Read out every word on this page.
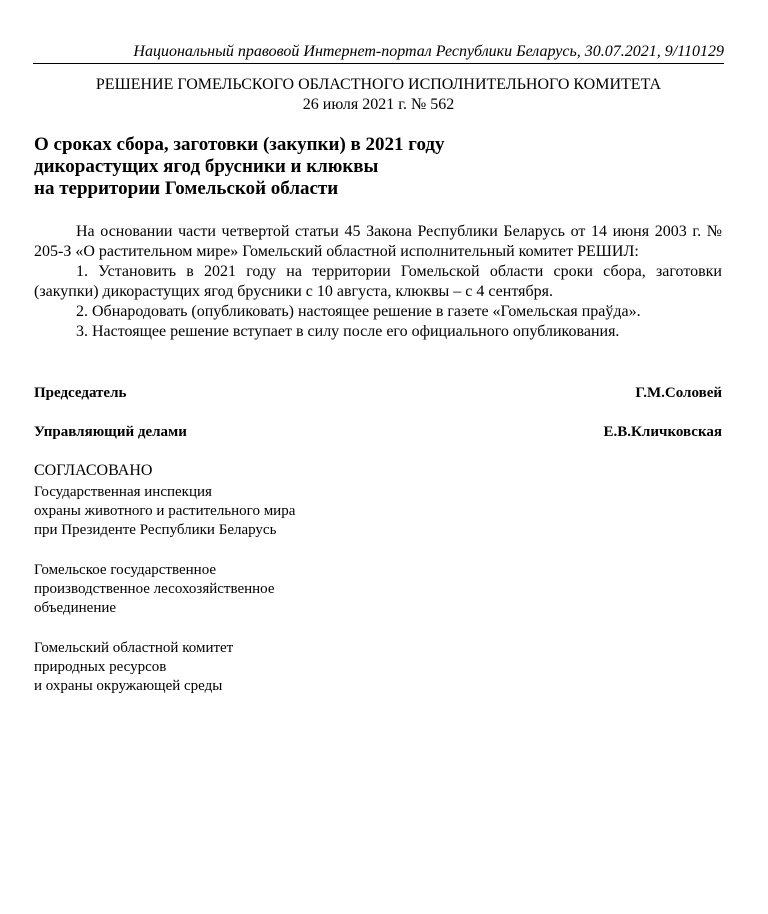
Национальный правовой Интернет-портал Республики Беларусь, 30.07.2021, 9/110129
РЕШЕНИЕ ГОМЕЛЬСКОГО ОБЛАСТНОГО ИСПОЛНИТЕЛЬНОГО КОМИТЕТА
26 июля 2021 г. № 562
О сроках сбора, заготовки (закупки) в 2021 году
дикорастущих ягод брусники и клюквы
на территории Гомельской области

На основании части четвертой статьи 45 Закона Республики Беларусь от 14 июня 2003 г. № 205-З «О растительном мире» Гомельский областной исполнительный комитет РЕШИЛ:

1. Установить в 2021 году на территории Гомельской области сроки сбора, заготовки (закупки) дикорастущих ягод брусники с 10 августа, клюквы – с 4 сентября.

2. Обнародовать (опубликовать) настоящее решение в газете «Гомельская праўда».

3. Настоящее решение вступает в силу после его официального опубликования.

Председатель	Г.М.Соловей
Управляющий делами	Е.В.Кличковская
СОГЛАСОВАНО
Государственная инспекция
охраны животного и растительного мира
при Президенте Республики Беларусь
Гомельское государственное
производственное лесохозяйственное
объединение
Гомельский областной комитет
природных ресурсов
и охраны окружающей среды
